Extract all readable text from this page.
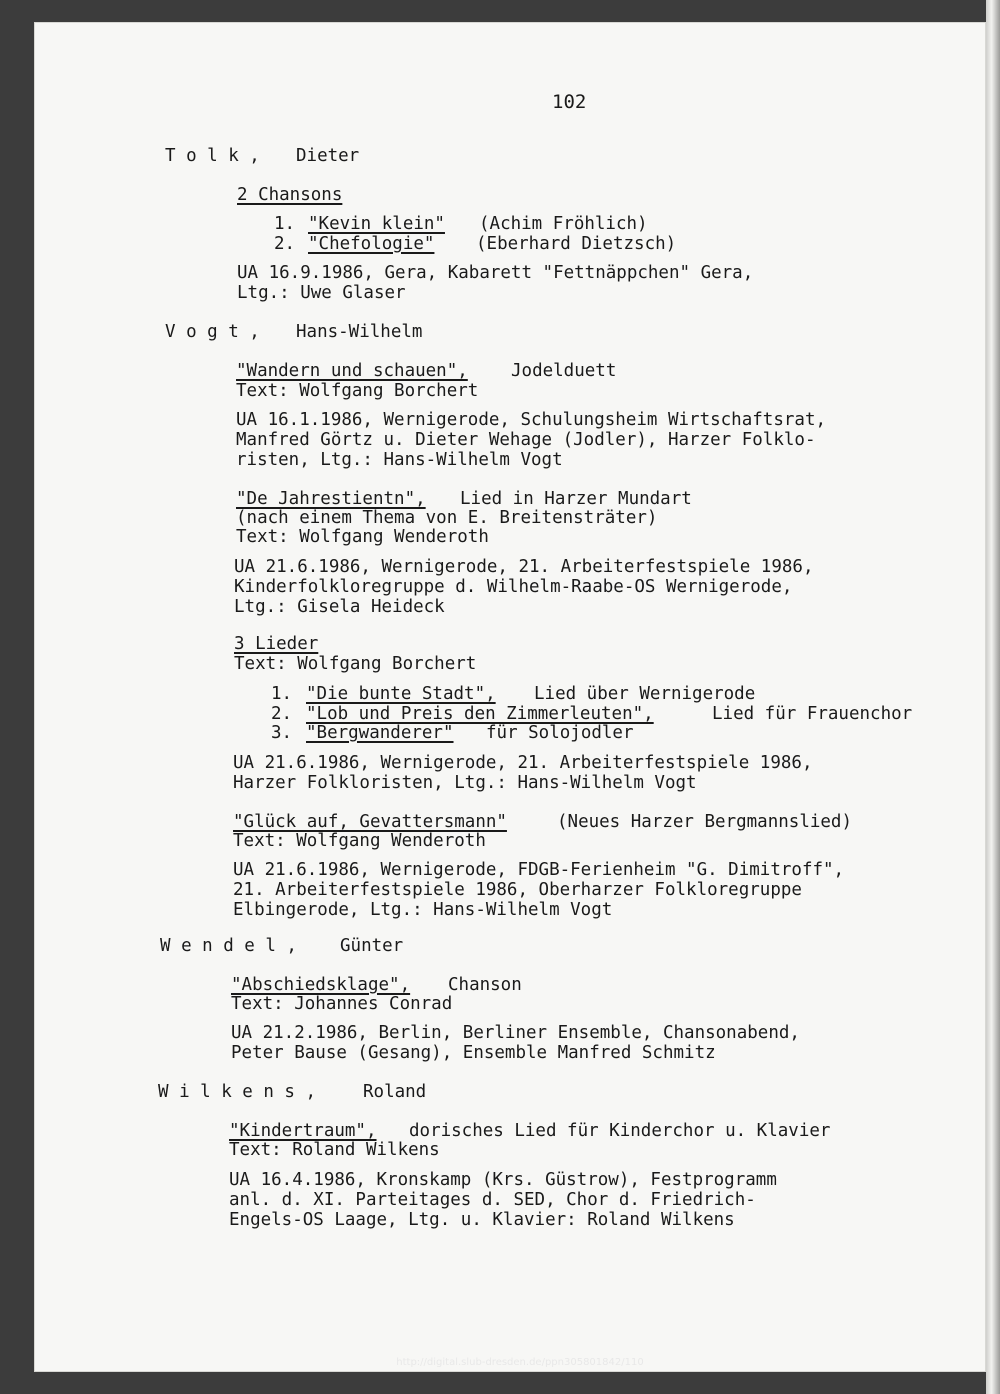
102
T o l k , Dieter
2 Chansons
1. "Kevin klein" (Achim Fröhlich)
2. "Chefologie" (Eberhard Dietzsch)
UA 16.9.1986, Gera, Kabarett "Fettnäppchen" Gera,
Ltg.: Uwe Glaser
V o g t , Hans-Wilhelm
"Wandern und schauen", Jodelduett
Text: Wolfgang Borchert
UA 16.1.1986, Wernigerode, Schulungsheim Wirtschaftsrat,
Manfred Görtz u. Dieter Wehage (Jodler), Harzer Folklo-
risten, Ltg.: Hans-Wilhelm Vogt
"De Jahrestientn", Lied in Harzer Mundart
(nach einem Thema von E. Breitensträter)
Text: Wolfgang Wenderoth
UA 21.6.1986, Wernigerode, 21. Arbeiterfestspiele 1986,
Kinderfolkloregruppe d. Wilhelm-Raabe-OS Wernigerode,
Ltg.: Gisela Heideck
3 Lieder
Text: Wolfgang Borchert
1. "Die bunte Stadt", Lied über Wernigerode
2. "Lob und Preis den Zimmerleuten",	Lied für Frauenchor
3. "Bergwanderer" für Solojodler
UA 21.6.1986, Wernigerode, 21. Arbeiterfestspiele 1986,
Harzer Folkloristen, Ltg.: Hans-Wilhelm Vogt
"Glück auf, Gevattersmann"	(Neues Harzer Bergmannslied)
Text: Wolfgang Wenderoth
UA 21.6.1986, Wernigerode, FDGB-Ferienheim "G. Dimitroff",
21. Arbeiterfestspiele 1986, Oberharzer Folkloregruppe
Elbingerode, Ltg.: Hans-Wilhelm Vogt
W e n d e l , Günter
"Abschiedsklage", Chanson
Text: Johannes Conrad
UA 21.2.1986, Berlin, Berliner Ensemble, Chansonabend,
Peter Bause (Gesang), Ensemble Manfred Schmitz
W i l k e n s ,	Roland
"Kindertraum", dorisches Lied für Kinderchor u. Klavier
Text: Roland Wilkens
UA 16.4.1986, Kronskamp (Krs. Güstrow), Festprogramm
anl. d. XI. Parteitages d. SED, Chor d. Friedrich-
Engels-OS Laage, Ltg. u. Klavier: Roland Wilkens
http://digital.slub-dresden.de/ppn305801842/110
